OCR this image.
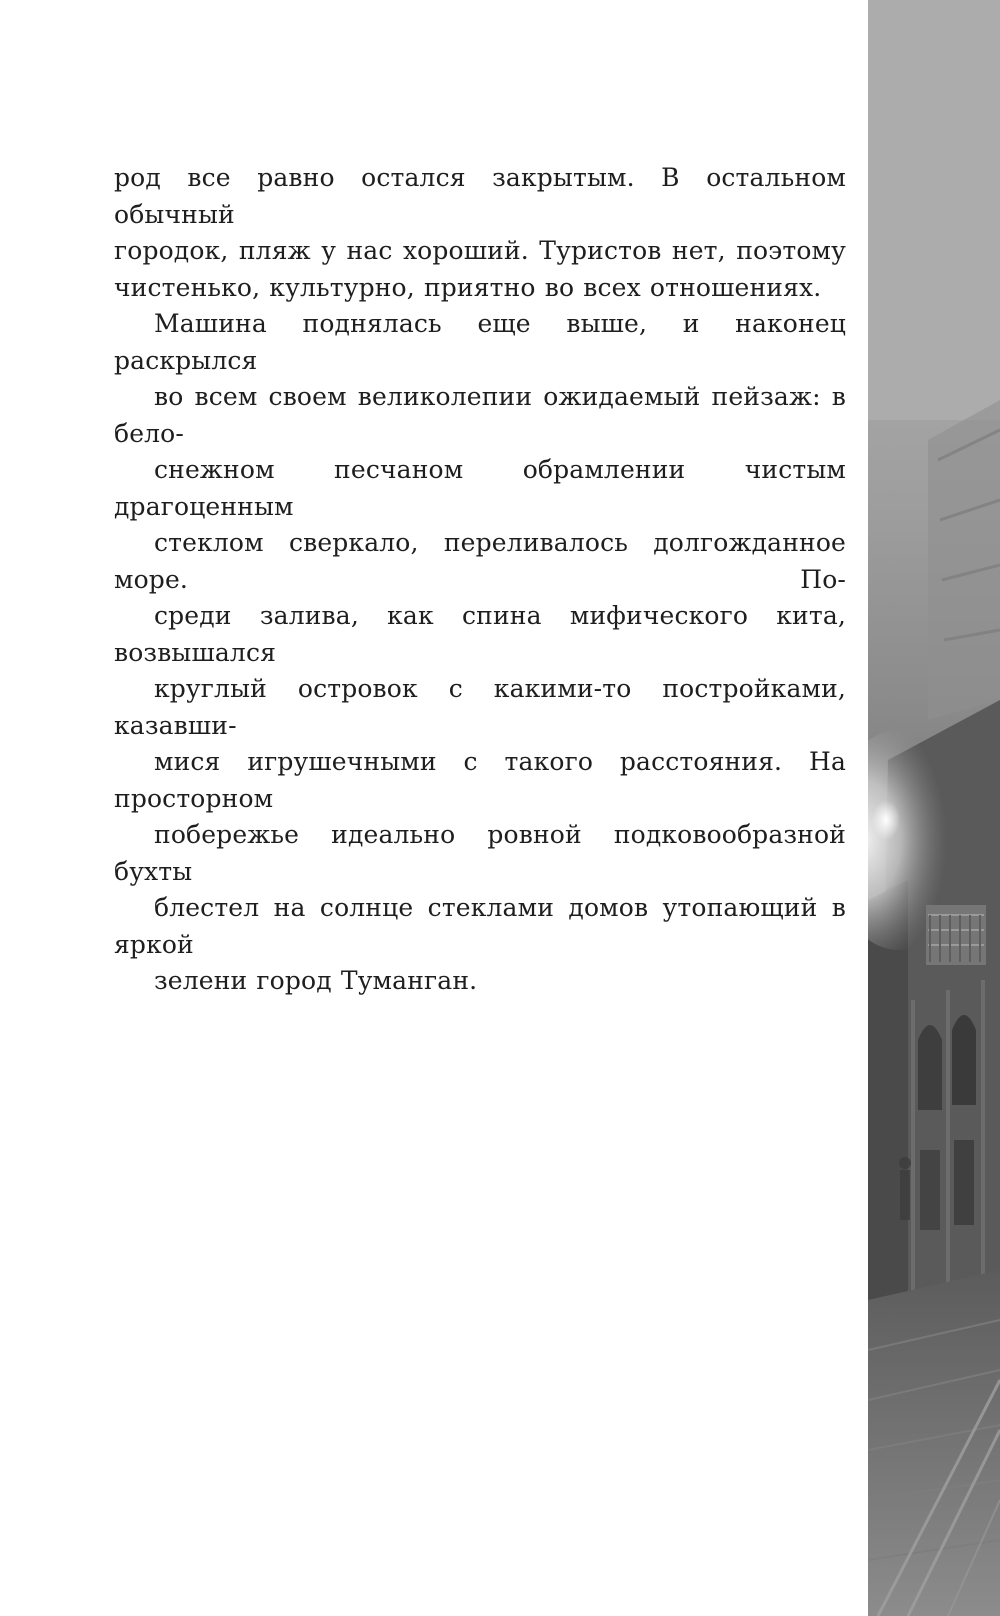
род все равно остался закрытым. В остальном обычный
городок, пляж у нас хороший. Туристов нет, поэтому
чистенько, культурно, приятно во всех отношениях.

Машина поднялась еще выше, и наконец раскрылся
во всем своем великолепии ожидаемый пейзаж: в бело-
снежном песчаном обрамлении чистым драгоценным
стеклом сверкало, переливалось долгожданное море. По-
среди залива, как спина мифического кита, возвышался
круглый островок с какими-то постройками, казавши-
мися игрушечными с такого расстояния. На просторном
побережье идеально ровной подковообразной бухты
блестел на солнце стеклами домов утопающий в яркой
зелени город Туманган.
